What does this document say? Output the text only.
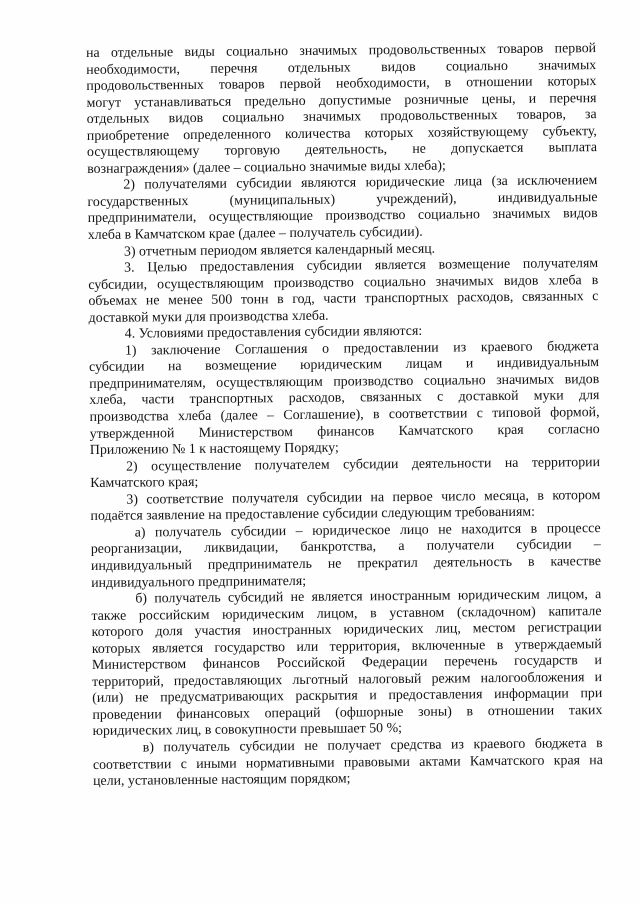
на отдельные виды социально значимых продовольственных товаров первой

необходимости, перечня отдельных видов социально значимых

продовольственных товаров первой необходимости, в отношении которых

могут устанавливаться предельно допустимые розничные цены, и перечня

отдельных видов социально значимых продовольственных товаров, за

приобретение определенного количества которых хозяйствующему субъекту,

осуществляющему торговую деятельность, не допускается выплата

вознаграждения» (далее – социально значимые виды хлеба);

2) получателями субсидии являются юридические лица (за исключением

государственных (муниципальных) учреждений), индивидуальные

предприниматели, осуществляющие производство социально значимых видов

хлеба в Камчатском крае (далее – получатель субсидии).

3) отчетным периодом является календарный месяц.

3. Целью предоставления субсидии является возмещение получателям

субсидии, осуществляющим производство социально значимых видов хлеба в

объемах не менее 500 тонн в год, части транспортных расходов, связанных с

доставкой муки для производства хлеба.

4. Условиями предоставления субсидии являются:

1) заключение Соглашения о предоставлении из краевого бюджета

субсидии на возмещение юридическим лицам и индивидуальным

предпринимателям, осуществляющим производство социально значимых видов

хлеба, части транспортных расходов, связанных с доставкой муки для

производства хлеба (далее – Соглашение), в соответствии с типовой формой,

утвержденной Министерством финансов Камчатского края согласно

Приложению № 1 к настоящему Порядку;

2) осуществление получателем субсидии деятельности на территории

Камчатского края;

3) соответствие получателя субсидии на первое число месяца, в котором

подаётся заявление на предоставление субсидии следующим требованиям:

а) получатель субсидии – юридическое лицо не находится в процессе

реорганизации, ликвидации, банкротства, а получатели субсидии –

индивидуальный предприниматель не прекратил деятельность в качестве

индивидуального предпринимателя;

б) получатель субсидий не является иностранным юридическим лицом, а

также российским юридическим лицом, в уставном (складочном) капитале

которого доля участия иностранных юридических лиц, местом регистрации

которых является государство или территория, включенные в утверждаемый

Министерством финансов Российской Федерации перечень государств и

территорий, предоставляющих льготный налоговый режим налогообложения и

(или) не предусматривающих раскрытия и предоставления информации при

проведении финансовых операций (офшорные зоны) в отношении таких

юридических лиц, в совокупности превышает 50 %;

в) получатель субсидии не получает средства из краевого бюджета в

соответствии с иными нормативными правовыми актами Камчатского края на

цели, установленные настоящим порядком;
